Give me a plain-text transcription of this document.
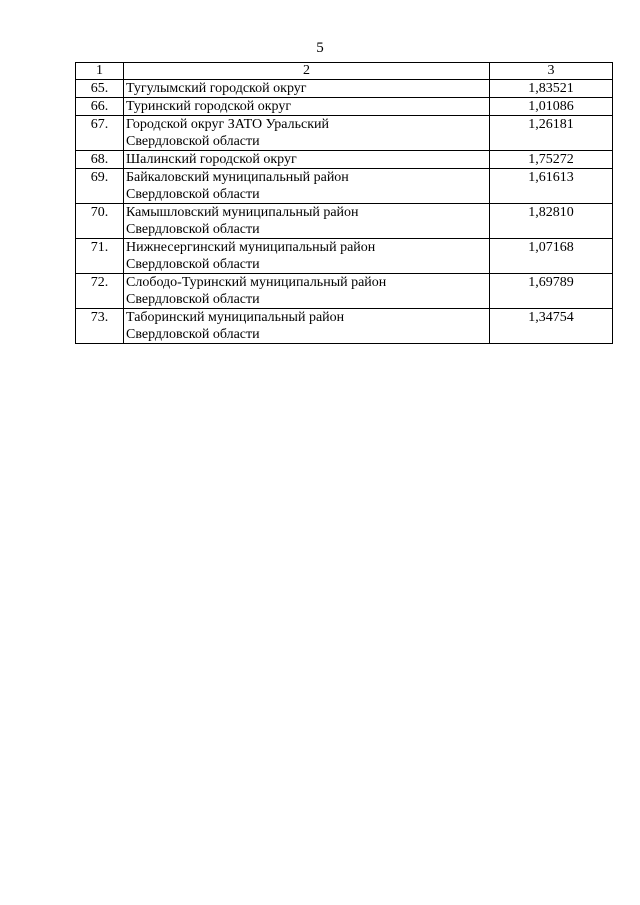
5
1	2	3
65.	Тугулымский городской округ	1,83521
66.	Туринский городской округ	1,01086
67.	Городской округ ЗАТО Уральский
Свердловской области	1,26181
68.	Шалинский городской округ	1,75272
69.	Байкаловский муниципальный район
Свердловской области	1,61613
70.	Камышловский муниципальный район
Свердловской области	1,82810
71.	Нижнесергинский муниципальный район
Свердловской области	1,07168
72.	Слободо-Туринский муниципальный район
Свердловской области	1,69789
73.	Таборинский муниципальный район
Свердловской области	1,34754
